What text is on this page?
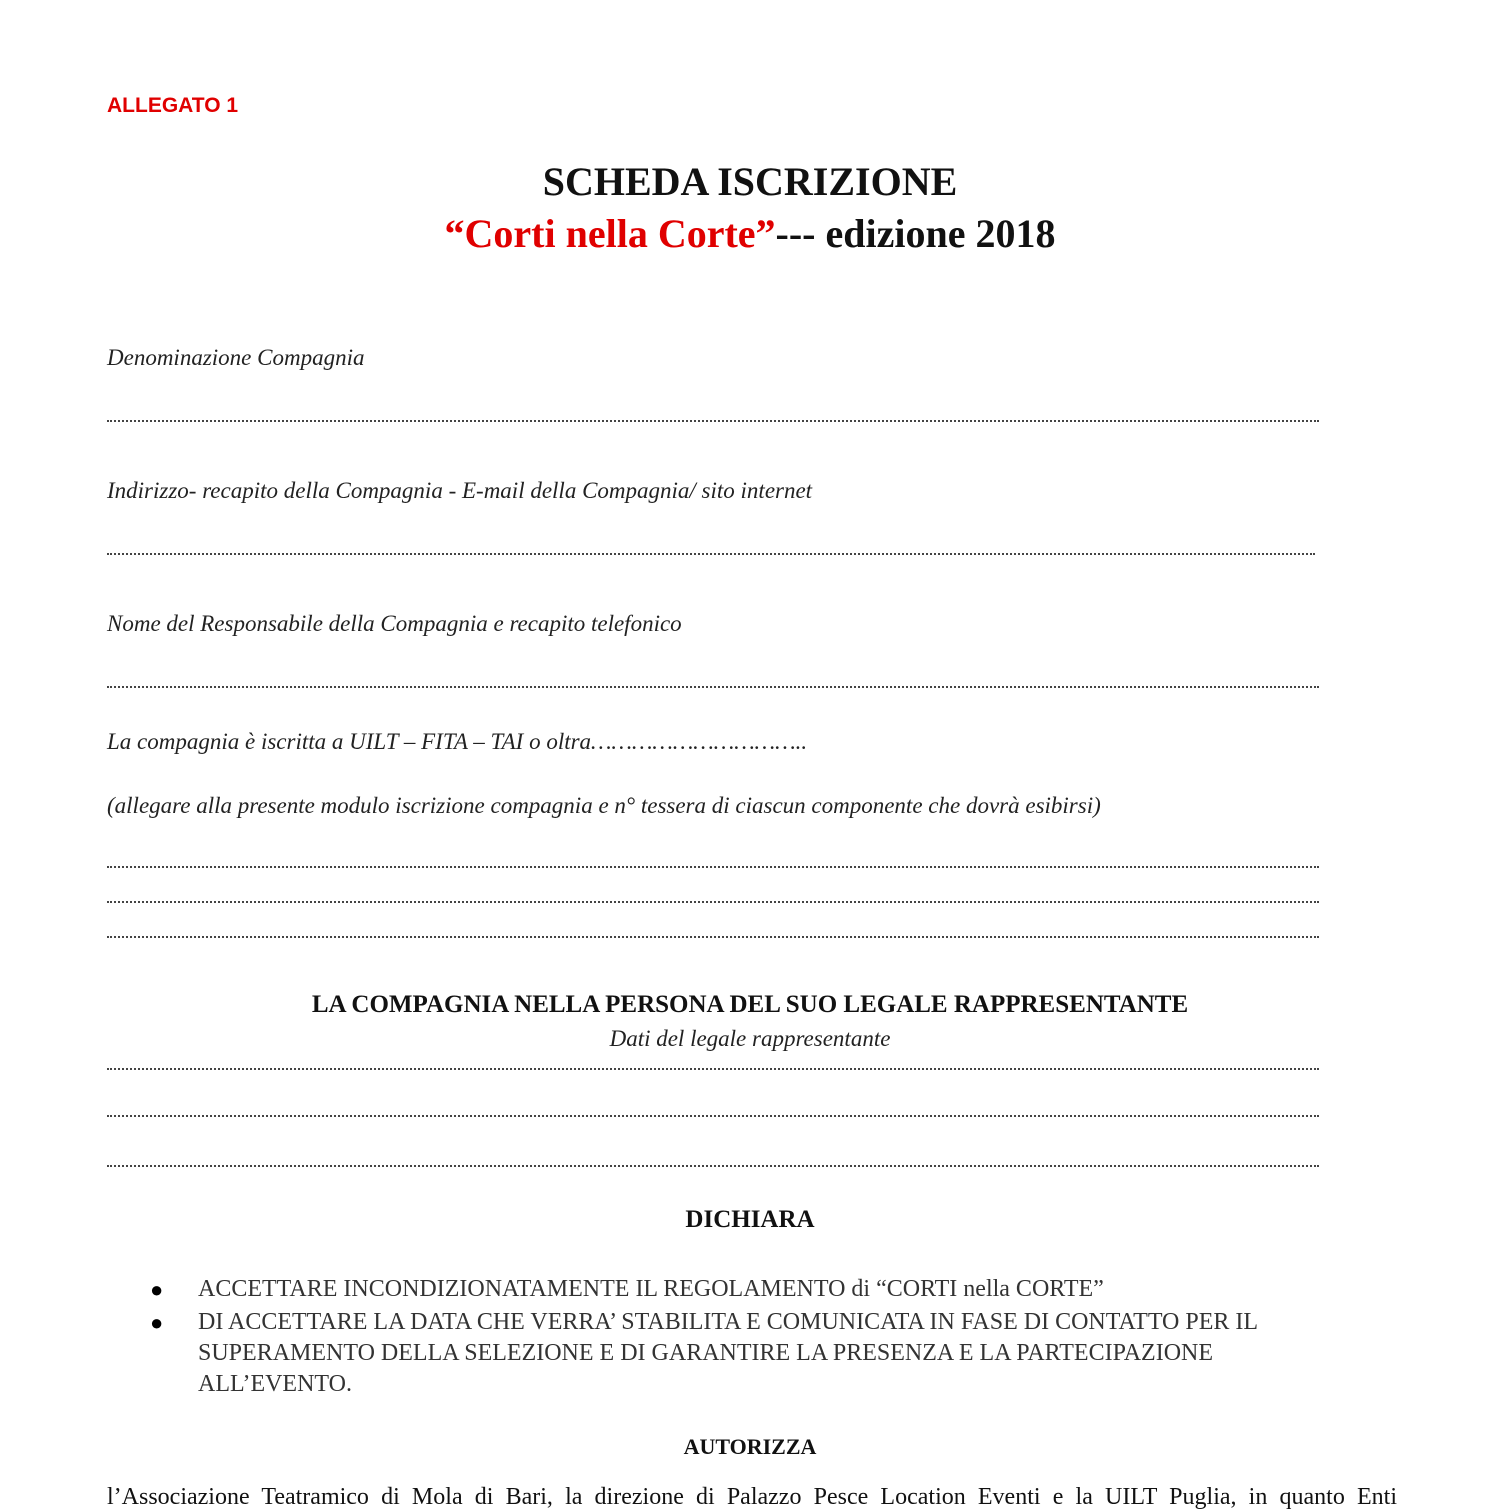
ALLEGATO 1
SCHEDA ISCRIZIONE
“Corti nella Corte”--- edizione 2018
Denominazione Compagnia
Indirizzo- recapito della Compagnia - E-mail della Compagnia/ sito internet
Nome del Responsabile della Compagnia e recapito telefonico
La compagnia è iscritta a UILT – FITA – TAI o oltra…………………………..
(allegare alla presente modulo iscrizione compagnia e n° tessera di ciascun componente che dovrà esibirsi)
LA COMPAGNIA NELLA PERSONA DEL SUO LEGALE RAPPRESENTANTE
Dati del legale rappresentante
DICHIARA
● ACCETTARE INCONDIZIONATAMENTE IL REGOLAMENTO di “CORTI nella CORTE”
● DI ACCETTARE LA DATA CHE VERRA’ STABILITA E COMUNICATA IN FASE DI CONTATTO PER IL SUPERAMENTO DELLA SELEZIONE E DI GARANTIRE LA PRESENZA E LA PARTECIPAZIONE ALL’EVENTO.
AUTORIZZA
l’Associazione Teatramico di Mola di Bari, la direzione di Palazzo Pesce Location Eventi e la UILT Puglia, in quanto Enti
